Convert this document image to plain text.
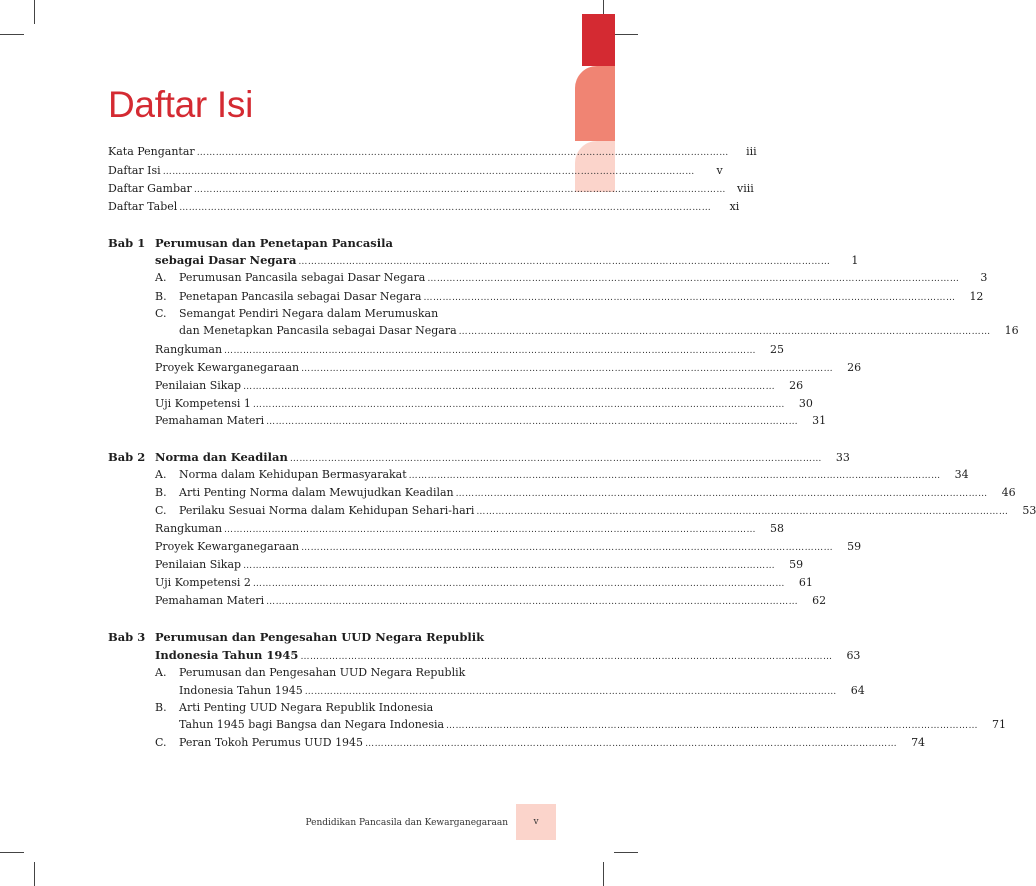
Daftar Isi
Kata Pengantar ……………………………………………………………………………………………………………………………………………………	iii
Daftar Isi ……………………………………………………………………………………………………………………………………………………	v
Daftar Gambar ……………………………………………………………………………………………………………………………………………………	viii
Daftar Tabel ……………………………………………………………………………………………………………………………………………………	xi
Bab 1 Perumusan dan Penetapan Pancasila
sebagai Dasar Negara ……………………………………………………………………………………………………………………………………………………	1
A.	Perumusan Pancasila sebagai Dasar Negara ……………………………………………………………………………………………………………………………………………………	3
B.	Penetapan Pancasila sebagai Dasar Negara ……………………………………………………………………………………………………………………………………………………	12
C.	Semangat Pendiri Negara dalam Merumuskan
dan Menetapkan Pancasila sebagai Dasar Negara ……………………………………………………………………………………………………………………………………………………	16
Rangkuman ……………………………………………………………………………………………………………………………………………………	25
Proyek Kewarganegaraan ……………………………………………………………………………………………………………………………………………………	26
Penilaian Sikap ……………………………………………………………………………………………………………………………………………………	26
Uji Kompetensi 1 ……………………………………………………………………………………………………………………………………………………	30
Pemahaman Materi ……………………………………………………………………………………………………………………………………………………	31
Bab 2 Norma dan Keadilan ……………………………………………………………………………………………………………………………………………………	33
A.	Norma dalam Kehidupan Bermasyarakat ……………………………………………………………………………………………………………………………………………………	34
B.	Arti Penting Norma dalam Mewujudkan Keadilan ……………………………………………………………………………………………………………………………………………………	46
C.	Perilaku Sesuai Norma dalam Kehidupan Sehari-hari ……………………………………………………………………………………………………………………………………………………	53
Rangkuman ……………………………………………………………………………………………………………………………………………………	58
Proyek Kewarganegaraan ……………………………………………………………………………………………………………………………………………………	59
Penilaian Sikap ……………………………………………………………………………………………………………………………………………………	59
Uji Kompetensi 2 ……………………………………………………………………………………………………………………………………………………	61
Pemahaman Materi ……………………………………………………………………………………………………………………………………………………	62
Bab 3 Perumusan dan Pengesahan UUD Negara Republik
Indonesia Tahun 1945 ……………………………………………………………………………………………………………………………………………………	63
A.	Perumusan dan Pengesahan UUD Negara Republik
Indonesia Tahun 1945 ……………………………………………………………………………………………………………………………………………………	64
B.	Arti Penting UUD Negara Republik Indonesia
Tahun 1945 bagi Bangsa dan Negara Indonesia ……………………………………………………………………………………………………………………………………………………	71
C.	Peran Tokoh Perumus UUD 1945 ……………………………………………………………………………………………………………………………………………………	74
Pendidikan Pancasila dan Kewarganegaraan	v
